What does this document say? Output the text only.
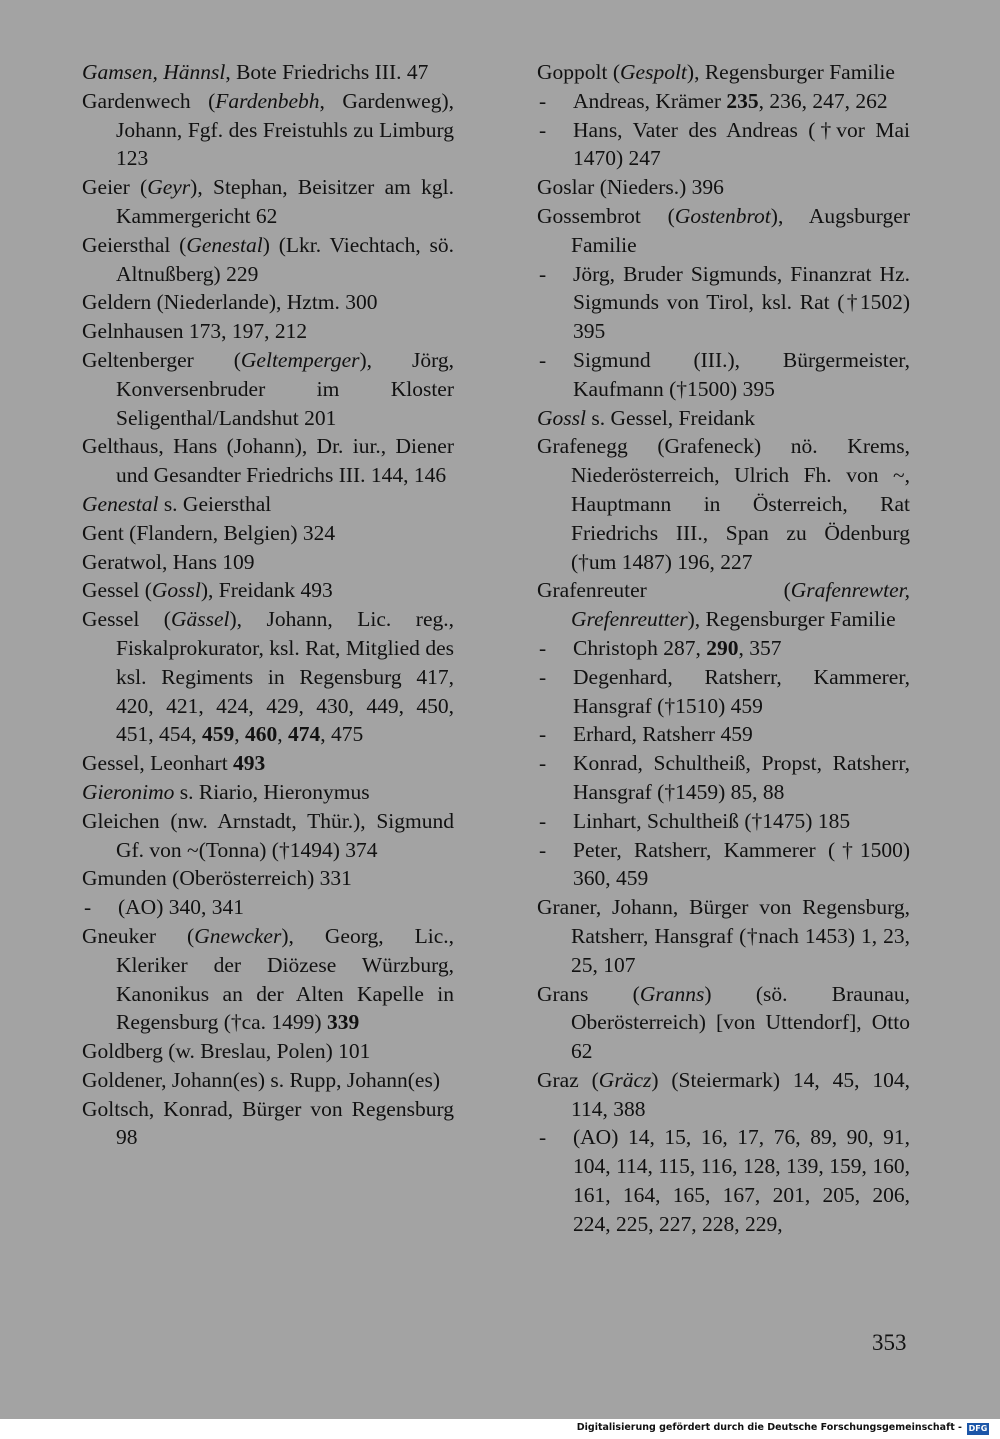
Gamsen, Hännsl, Bote Friedrichs III. 47

Gardenwech (Fardenbebh, Gardenweg), Johann, Fgf. des Freistuhls zu Limburg 123

Geier (Geyr), Stephan, Beisitzer am kgl. Kammergericht 62

Geiersthal (Genestal) (Lkr. Viechtach, sö. Altnußberg) 229

Geldern (Niederlande), Hztm. 300

Gelnhausen 173, 197, 212

Geltenberger (Geltemperger), Jörg, Konversenbruder im Kloster Seligenthal/Landshut 201

Gelthaus, Hans (Johann), Dr. iur., Diener und Gesandter Friedrichs III. 144, 146

Genestal s. Geiersthal

Gent (Flandern, Belgien) 324

Geratwol, Hans 109

Gessel (Gossl), Freidank 493

Gessel (Gässel), Johann, Lic. reg., Fiskalprokurator, ksl. Rat, Mitglied des ksl. Regiments in Regensburg 417, 420, 421, 424, 429, 430, 449, 450, 451, 454, 459, 460, 474, 475

Gessel, Leonhart 493

Gieronimo s. Riario, Hieronymus

Gleichen (nw. Arnstadt, Thür.), Sigmund Gf. von ~(Tonna) (†1494) 374

Gmunden (Oberösterreich) 331

- (AO) 340, 341

Gneuker (Gnewcker), Georg, Lic., Kleriker der Diözese Würzburg, Kanonikus an der Alten Kapelle in Regensburg (†ca. 1499) 339

Goldberg (w. Breslau, Polen) 101

Goldener, Johann(es) s. Rupp, Johann(es)

Goltsch, Konrad, Bürger von Regensburg 98

Goppolt (Gespolt), Regensburger Familie

- Andreas, Krämer 235, 236, 247, 262

- Hans, Vater des Andreas (†vor Mai 1470) 247

Goslar (Nieders.) 396

Gossembrot (Gostenbrot), Augsburger Familie

- Jörg, Bruder Sigmunds, Finanzrat Hz. Sigmunds von Tirol, ksl. Rat (†1502) 395

- Sigmund (III.), Bürgermeister, Kaufmann (†1500) 395

Gossl s. Gessel, Freidank

Grafenegg (Grafeneck) nö. Krems, Niederösterreich, Ulrich Fh. von ~, Hauptmann in Österreich, Rat Friedrichs III., Span zu Ödenburg (†um 1487) 196, 227

Grafenreuter (Grafenrewter, Grefenreutter), Regensburger Familie

- Christoph 287, 290, 357

- Degenhard, Ratsherr, Kammerer, Hansgraf (†1510) 459

- Erhard, Ratsherr 459

- Konrad, Schultheiß, Propst, Ratsherr, Hansgraf (†1459) 85, 88

- Linhart, Schultheiß (†1475) 185

- Peter, Ratsherr, Kammerer (†1500) 360, 459

Graner, Johann, Bürger von Regensburg, Ratsherr, Hansgraf (†nach 1453) 1, 23, 25, 107

Grans (Granns) (sö. Braunau, Oberösterreich) [von Uttendorf], Otto 62

Graz (Gräcz) (Steiermark) 14, 45, 104, 114, 388

- (AO) 14, 15, 16, 17, 76, 89, 90, 91, 104, 114, 115, 116, 128, 139, 159, 160, 161, 164, 165, 167, 201, 205, 206, 224, 225, 227, 228, 229,

353
Digitalisierung gefördert durch die Deutsche Forschungsgemeinschaft - DFG
